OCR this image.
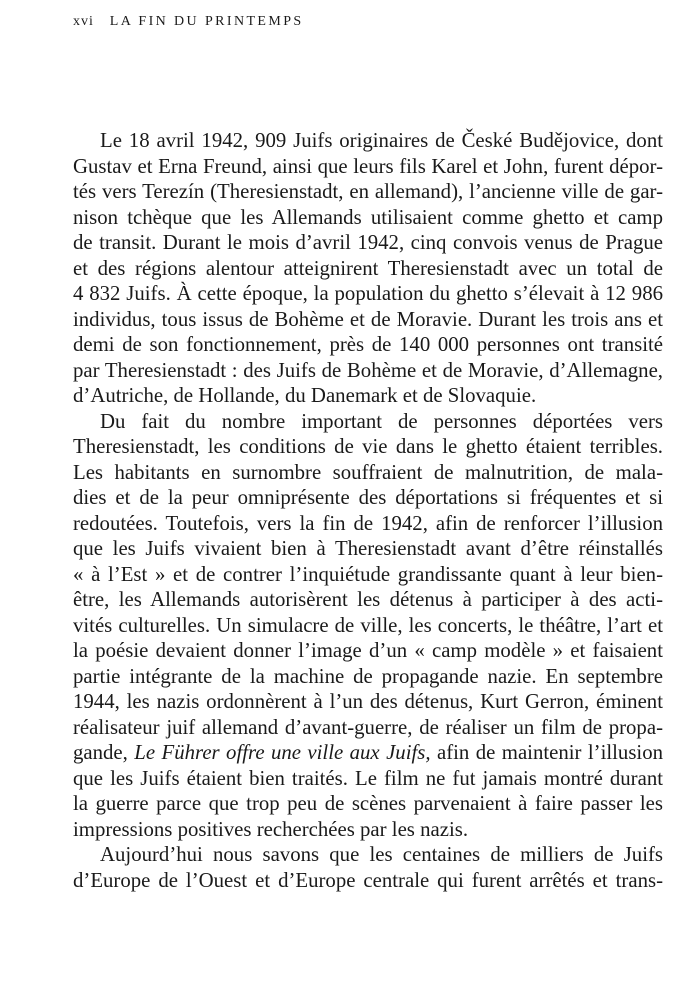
xvi LA FIN DU PRINTEMPS
Le 18 avril 1942, 909 Juifs originaires de České Budějovice, dont
Gustav et Erna Freund, ainsi que leurs fils Karel et John, furent dépor-
tés vers Terezín (Theresienstadt, en allemand), l’ancienne ville de gar-
nison tchèque que les Allemands utilisaient comme ghetto et camp
de transit. Durant le mois d’avril 1942, cinq convois venus de Prague
et des régions alentour atteignirent Theresienstadt avec un total de
4 832 Juifs. À cette époque, la population du ghetto s’élevait à 12 986
individus, tous issus de Bohème et de Moravie. Durant les trois ans et
demi de son fonctionnement, près de 140 000 personnes ont transité
par Theresienstadt : des Juifs de Bohème et de Moravie, d’Allemagne,
d’Autriche, de Hollande, du Danemark et de Slovaquie.
Du fait du nombre important de personnes déportées vers
Theresienstadt, les conditions de vie dans le ghetto étaient terribles.
Les habitants en surnombre souffraient de malnutrition, de mala-
dies et de la peur omniprésente des déportations si fréquentes et si
redoutées. Toutefois, vers la fin de 1942, afin de renforcer l’illusion
que les Juifs vivaient bien à Theresienstadt avant d’être réinstallés
« à l’Est » et de contrer l’inquiétude grandissante quant à leur bien-
être, les Allemands autorisèrent les détenus à participer à des acti-
vités culturelles. Un simulacre de ville, les concerts, le théâtre, l’art et
la poésie devaient donner l’image d’un « camp modèle » et faisaient
partie intégrante de la machine de propagande nazie. En septembre
1944, les nazis ordonnèrent à l’un des détenus, Kurt Gerron, éminent
réalisateur juif allemand d’avant-guerre, de réaliser un film de propa-
gande, Le Führer offre une ville aux Juifs, afin de maintenir l’illusion
que les Juifs étaient bien traités. Le film ne fut jamais montré durant
la guerre parce que trop peu de scènes parvenaient à faire passer les
impressions positives recherchées par les nazis.
Aujourd’hui nous savons que les centaines de milliers de Juifs
d’Europe de l’Ouest et d’Europe centrale qui furent arrêtés et trans-
